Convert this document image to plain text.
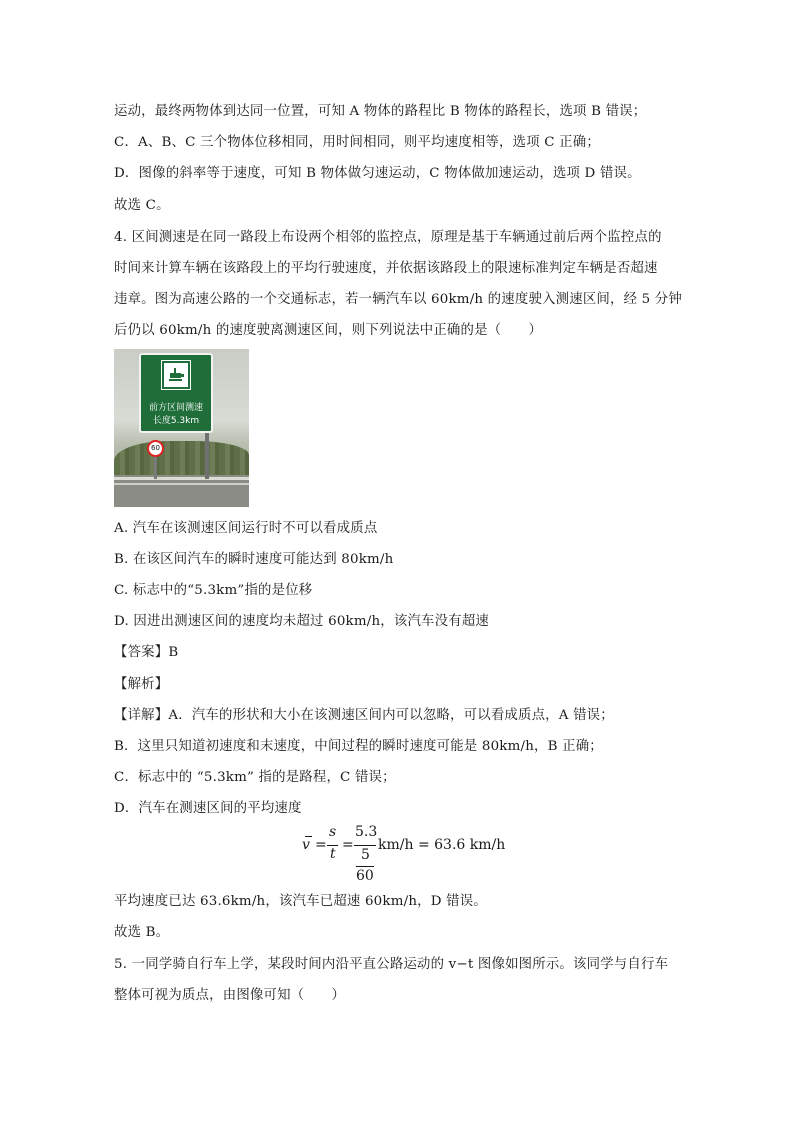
运动，最终两物体到达同一位置，可知 A 物体的路程比 B 物体的路程长，选项 B 错误；
C．A、B、C 三个物体位移相同，用时间相同，则平均速度相等，选项 C 正确；
D．图像的斜率等于速度，可知 B 物体做匀速运动，C 物体做加速运动，选项 D 错误。
故选 C。
4. 区间测速是在同一路段上布设两个相邻的监控点，原理是基于车辆通过前后两个监控点的
时间来计算车辆在该路段上的平均行驶速度，并依据该路段上的限速标准判定车辆是否超速
违章。图为高速公路的一个交通标志，若一辆汽车以 60km/h 的速度驶入测速区间，经 5 分钟
后仍以 60km/h 的速度驶离测速区间，则下列说法中正确的是（　　）
前方区间测速
长度5.3km
60
A. 汽车在该测速区间运行时不可以看成质点
B. 在该区间汽车的瞬时速度可能达到 80km/h
C. 标志中的“5.3km”指的是位移
D. 因进出测速区间的速度均未超过 60km/h，该汽车没有超速
【答案】B
【解析】
【详解】A．汽车的形状和大小在该测速区间内可以忽略，可以看成质点，A 错误；
B．这里只知道初速度和末速度，中间过程的瞬时速度可能是 80km/h，B 正确；
C．标志中的 “5.3km” 指的是路程，C 错误；
D．汽车在测速区间的平均速度
v =
s
t
=
5.3
5
60
km/h = 63.6 km/h
平均速度已达 63.6km/h，该汽车已超速 60km/h，D 错误。
故选 B。
5. 一同学骑自行车上学，某段时间内沿平直公路运动的 v−t 图像如图所示。该同学与自行车
整体可视为质点，由图像可知（　　）
